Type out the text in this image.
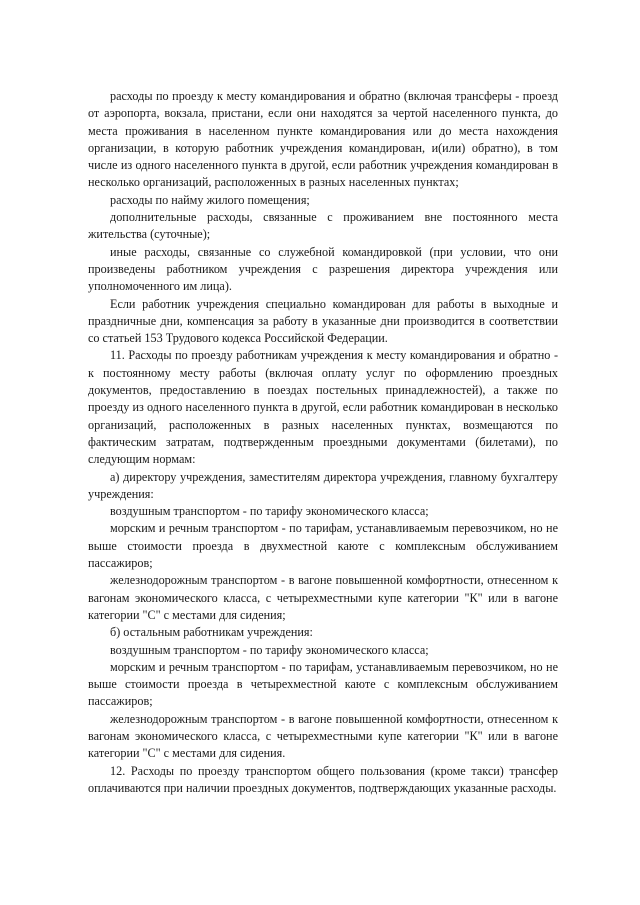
расходы по проезду к месту командирования и обратно (включая трансферы - проезд от аэропорта, вокзала, пристани, если они находятся за чертой населенного пункта, до места проживания в населенном пункте командирования или до места нахождения организации, в которую работник учреждения командирован, и(или) обратно), в том числе из одного населенного пункта в другой, если работник учреждения командирован в несколько организаций, расположенных в разных населенных пунктах;

расходы по найму жилого помещения;

дополнительные расходы, связанные с проживанием вне постоянного места жительства (суточные);

иные расходы, связанные со служебной командировкой (при условии, что они произведены работником учреждения с разрешения директора учреждения или уполномоченного им лица).

Если работник учреждения специально командирован для работы в выходные и праздничные дни, компенсация за работу в указанные дни производится в соответствии со статьей 153 Трудового кодекса Российской Федерации.

11. Расходы по проезду работникам учреждения к месту командирования и обратно - к постоянному месту работы (включая оплату услуг по оформлению проездных документов, предоставлению в поездах постельных принадлежностей), а также по проезду из одного населенного пункта в другой, если работник командирован в несколько организаций, расположенных в разных населенных пунктах, возмещаются по фактическим затратам, подтвержденным проездными документами (билетами), по следующим нормам:

а) директору учреждения, заместителям директора учреждения, главному бухгалтеру учреждения:

воздушным транспортом - по тарифу экономического класса;

морским и речным транспортом - по тарифам, устанавливаемым перевозчиком, но не выше стоимости проезда в двухместной каюте с комплексным обслуживанием пассажиров;

железнодорожным транспортом - в вагоне повышенной комфортности, отнесенном к вагонам экономического класса, с четырехместными купе категории "К" или в вагоне категории "С" с местами для сидения;

б) остальным работникам учреждения:

воздушным транспортом - по тарифу экономического класса;

морским и речным транспортом - по тарифам, устанавливаемым перевозчиком, но не выше стоимости проезда в четырехместной каюте с комплексным обслуживанием пассажиров;

железнодорожным транспортом - в вагоне повышенной комфортности, отнесенном к вагонам экономического класса, с четырехместными купе категории "К" или в вагоне категории "С" с местами для сидения.

12. Расходы по проезду транспортом общего пользования (кроме такси) трансфер оплачиваются при наличии проездных документов, подтверждающих указанные расходы.
